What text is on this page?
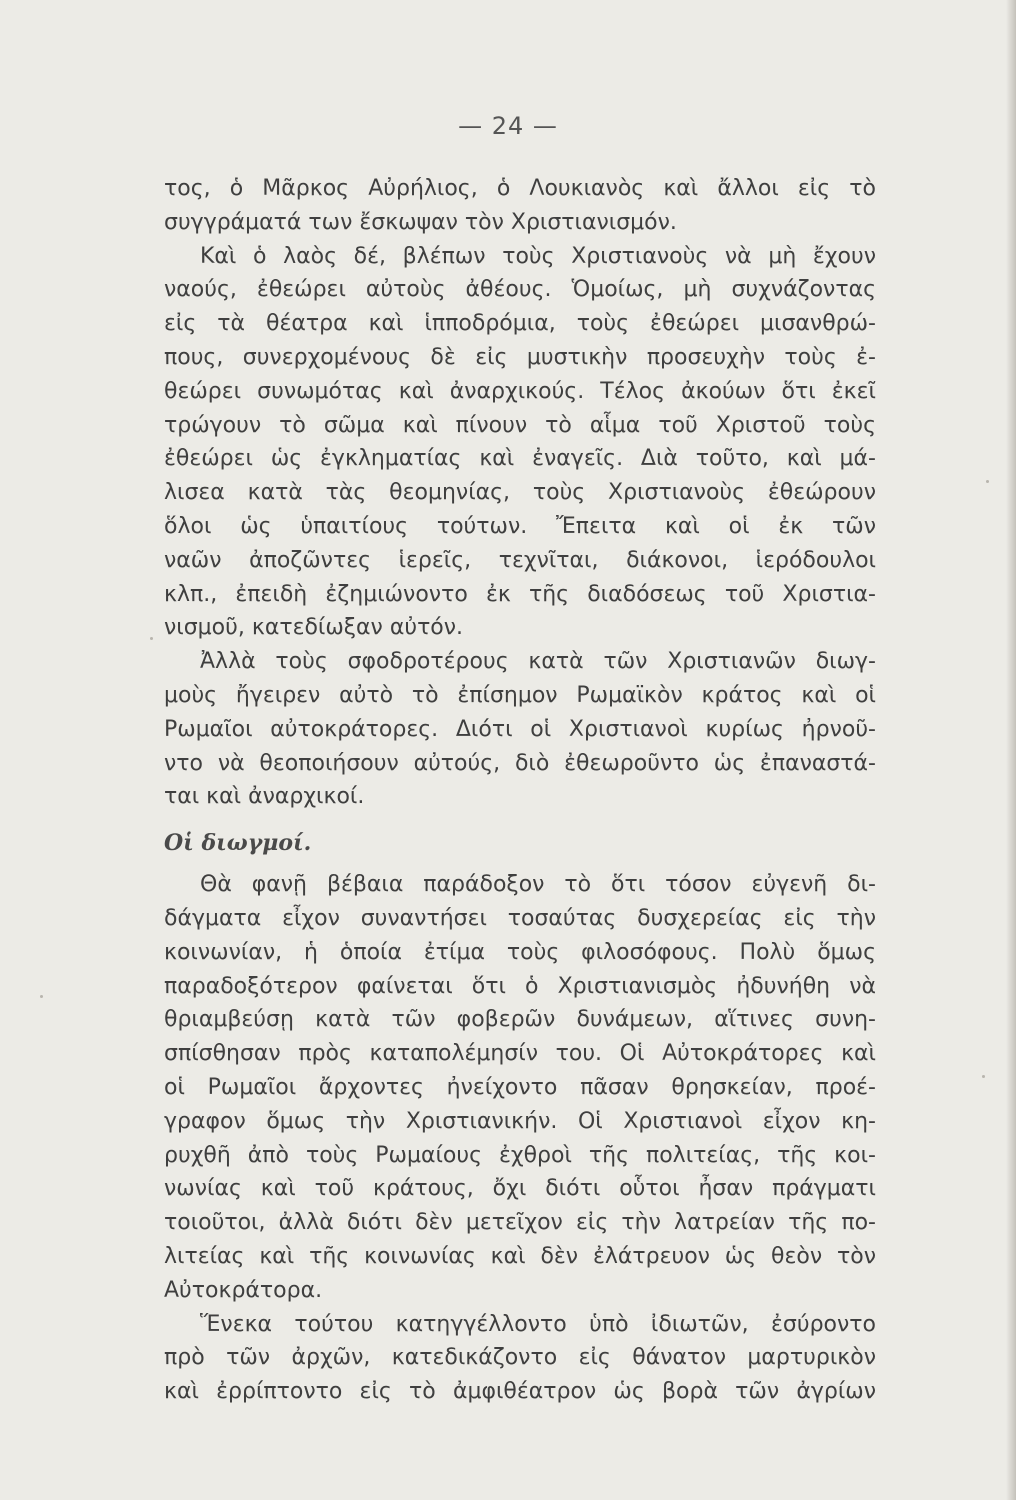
— 24 —
τος, ὁ Μᾶρκος Αὐρήλιος, ὁ Λουκιανὸς καὶ ἄλλοι εἰς τὸ
συγγράματά των ἔσκωψαν τὸν Χριστιανισμόν.
Καὶ ὁ λαὸς δέ, βλέπων τοὺς Χριστιανοὺς νὰ μὴ ἔχουν
ναούς, ἐθεώρει αὐτοὺς ἀθέους. Ὁμοίως, μὴ συχνάζοντας
εἰς τὰ θέατρα καὶ ἱπποδρόμια, τοὺς ἐθεώρει μισανθρώ-
πους, συνερχομένους δὲ εἰς μυστικὴν προσευχὴν τοὺς ἐ-
θεώρει συνωμότας καὶ ἀναρχικούς. Τέλος ἀκούων ὅτι ἐκεῖ
τρώγουν τὸ σῶμα καὶ πίνουν τὸ αἷμα τοῦ Χριστοῦ τοὺς
ἐθεώρει ὡς ἐγκληματίας καὶ ἐναγεῖς. Διὰ τοῦτο, καὶ μά-
λισεα κατὰ τὰς θεομηνίας, τοὺς Χριστιανοὺς ἐθεώρουν
ὅλοι ὡς ὑπαιτίους τούτων. Ἔπειτα καὶ οἱ ἐκ τῶν
ναῶν ἀποζῶντες ἱερεῖς, τεχνῖται, διάκονοι, ἱερόδουλοι
κλπ., ἐπειδὴ ἐζημιώνοντο ἐκ τῆς διαδόσεως τοῦ Χριστια-
νισμοῦ, κατεδίωξαν αὐτόν.
Ἀλλὰ τοὺς σφοδροτέρους κατὰ τῶν Χριστιανῶν διωγ-
μοὺς ἤγειρεν αὐτὸ τὸ ἐπίσημον Ρωμαϊκὸν κράτος καὶ οἱ
Ρωμαῖοι αὐτοκράτορες. Διότι οἱ Χριστιανοὶ κυρίως ἠρνοῦ-
ντο νὰ θεοποιήσουν αὐτούς, διὸ ἐθεωροῦντο ὡς ἐπαναστά-
ται καὶ ἀναρχικοί.
Οἱ διωγμοί.
Θὰ φανῇ βέβαια παράδοξον τὸ ὅτι τόσον εὐγενῆ δι-
δάγματα εἶχον συναντήσει τοσαύτας δυσχερείας εἰς τὴν
κοινωνίαν, ἡ ὁποία ἐτίμα τοὺς φιλοσόφους. Πολὺ ὅμως
παραδοξότερον φαίνεται ὅτι ὁ Χριστιανισμὸς ἠδυνήθη νὰ
θριαμβεύσῃ κατὰ τῶν φοβερῶν δυνάμεων, αἵτινες συνη-
σπίσθησαν πρὸς καταπολέμησίν του. Οἱ Αὐτοκράτορες καὶ
οἱ Ρωμαῖοι ἄρχοντες ἠνείχοντο πᾶσαν θρησκείαν, προέ-
γραφον ὅμως τὴν Χριστιανικήν. Οἱ Χριστιανοὶ εἶχον κη-
ρυχθῆ ἀπὸ τοὺς Ρωμαίους ἐχθροὶ τῆς πολιτείας, τῆς κοι-
νωνίας καὶ τοῦ κράτους, ὄχι διότι οὗτοι ἦσαν πράγματι
τοιοῦτοι, ἀλλὰ διότι δὲν μετεῖχον εἰς τὴν λατρείαν τῆς πο-
λιτείας καὶ τῆς κοινωνίας καὶ δὲν ἐλάτρευον ὡς θεὸν τὸν
Αὐτοκράτορα.
Ἕνεκα τούτου κατηγγέλλοντο ὑπὸ ἰδιωτῶν, ἐσύροντο
πρὸ τῶν ἀρχῶν, κατεδικάζοντο εἰς θάνατον μαρτυρικὸν
καὶ ἐρρίπτοντο εἰς τὸ ἀμφιθέατρον ὡς βορὰ τῶν ἀγρίων
